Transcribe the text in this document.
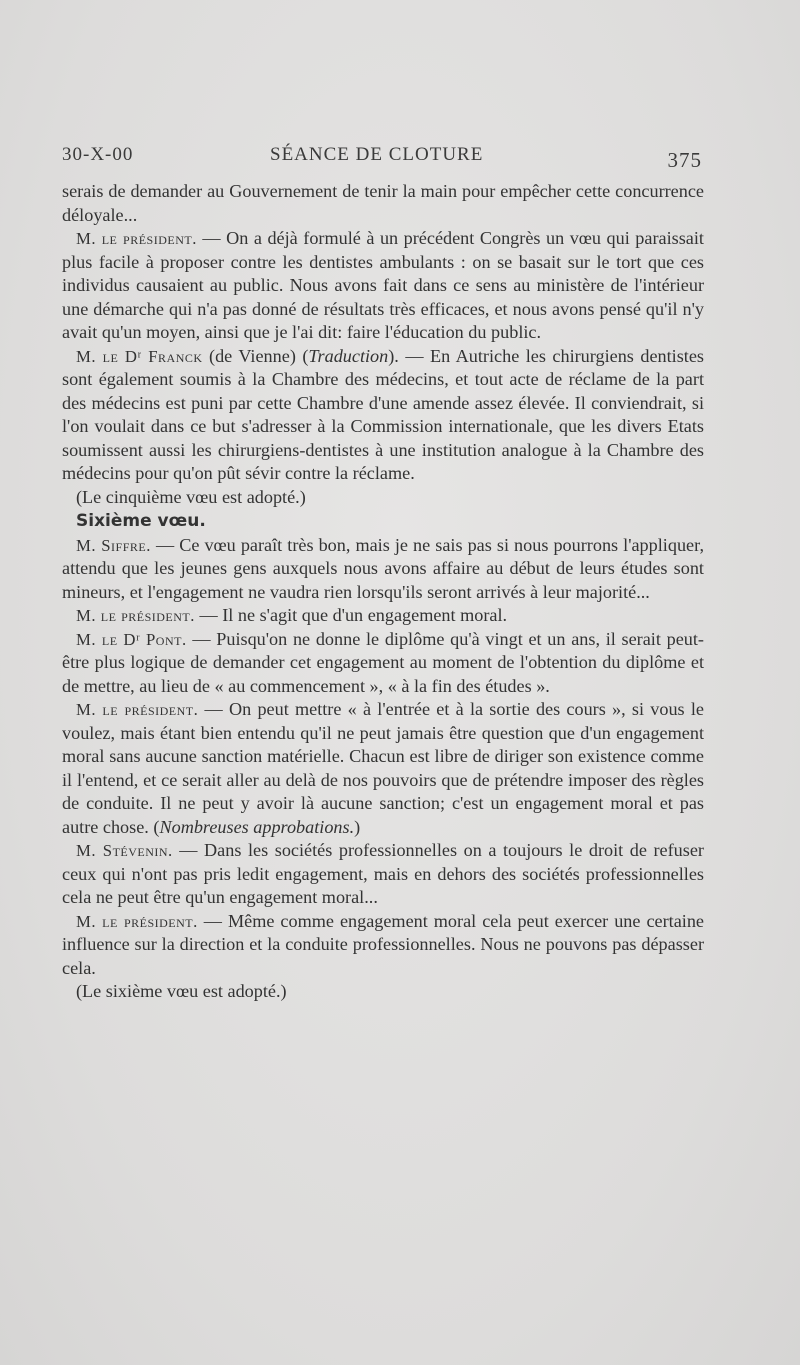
30-X-00	SÉANCE DE CLOTURE	375

serais de demander au Gouvernement de tenir la main pour empêcher cette concurrence déloyale...

M. le président. — On a déjà formulé à un précédent Congrès un vœu qui paraissait plus facile à proposer contre les dentistes ambulants : on se basait sur le tort que ces individus causaient au public. Nous avons fait dans ce sens au ministère de l'intérieur une démarche qui n'a pas donné de résultats très efficaces, et nous avons pensé qu'il n'y avait qu'un moyen, ainsi que je l'ai dit: faire l'éducation du public.

M. le Dʳ Franck (de Vienne) (Traduction). — En Autriche les chirurgiens dentistes sont également soumis à la Chambre des médecins, et tout acte de réclame de la part des médecins est puni par cette Chambre d'une amende assez élevée. Il conviendrait, si l'on voulait dans ce but s'adresser à la Commission internationale, que les divers Etats soumissent aussi les chirurgiens-dentistes à une institution analogue à la Chambre des médecins pour qu'on pût sévir contre la réclame.

(Le cinquième vœu est adopté.)

Sixième vœu.

M. Siffre. — Ce vœu paraît très bon, mais je ne sais pas si nous pourrons l'appliquer, attendu que les jeunes gens auxquels nous avons affaire au début de leurs études sont mineurs, et l'engagement ne vaudra rien lorsqu'ils seront arrivés à leur majorité...

M. le président. — Il ne s'agit que d'un engagement moral.

M. le Dʳ Pont. — Puisqu'on ne donne le diplôme qu'à vingt et un ans, il serait peut-être plus logique de demander cet engagement au moment de l'obtention du diplôme et de mettre, au lieu de « au commencement », « à la fin des études ».

M. le président. — On peut mettre « à l'entrée et à la sortie des cours », si vous le voulez, mais étant bien entendu qu'il ne peut jamais être question que d'un engagement moral sans aucune sanction matérielle. Chacun est libre de diriger son existence comme il l'entend, et ce serait aller au delà de nos pouvoirs que de prétendre imposer des règles de conduite. Il ne peut y avoir là aucune sanction; c'est un engagement moral et pas autre chose. (Nombreuses approbations.)

M. Stévenin. — Dans les sociétés professionnelles on a toujours le droit de refuser ceux qui n'ont pas pris ledit engagement, mais en dehors des sociétés professionnelles cela ne peut être qu'un engagement moral...

M. le président. — Même comme engagement moral cela peut exercer une certaine influence sur la direction et la conduite professionnelles. Nous ne pouvons pas dépasser cela.

(Le sixième vœu est adopté.)
